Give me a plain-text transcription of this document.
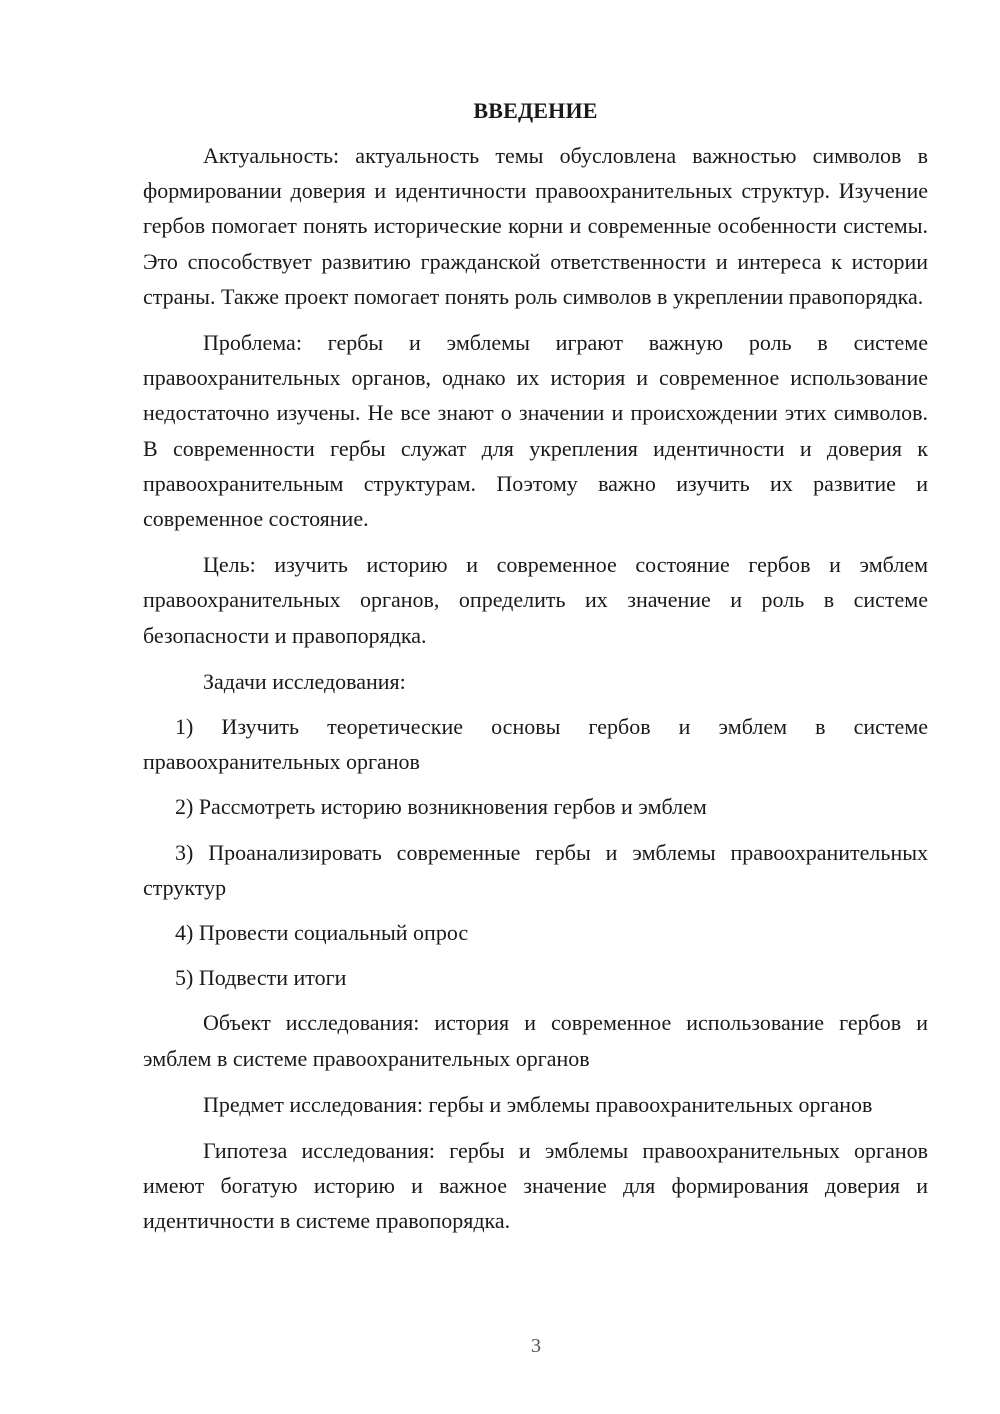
ВВЕДЕНИЕ

Актуальность: актуальность темы обусловлена важностью символов в формировании доверия и идентичности правоохранительных структур. Изучение гербов помогает понять исторические корни и современные особенности системы. Это способствует развитию гражданской ответственности и интереса к истории страны. Также проект помогает понять роль символов в укреплении правопорядка.

Проблема: гербы и эмблемы играют важную роль в системе правоохранительных органов, однако их история и современное использование недостаточно изучены. Не все знают о значении и происхождении этих символов. В современности гербы служат для укрепления идентичности и доверия к правоохранительным структурам. Поэтому важно изучить их развитие и современное состояние.

Цель: изучить историю и современное состояние гербов и эмблем правоохранительных органов, определить их значение и роль в системе безопасности и правопорядка.

Задачи исследования:

1) Изучить теоретические основы гербов и эмблем в системе правоохранительных органов

2) Рассмотреть историю возникновения гербов и эмблем

3) Проанализировать современные гербы и эмблемы правоохранительных структур

4) Провести социальный опрос

5) Подвести итоги

Объект исследования: история и современное использование гербов и эмблем в системе правоохранительных органов

Предмет исследования: гербы и эмблемы правоохранительных органов

Гипотеза исследования: гербы и эмблемы правоохранительных органов имеют богатую историю и важное значение для формирования доверия и идентичности в системе правопорядка.

3
